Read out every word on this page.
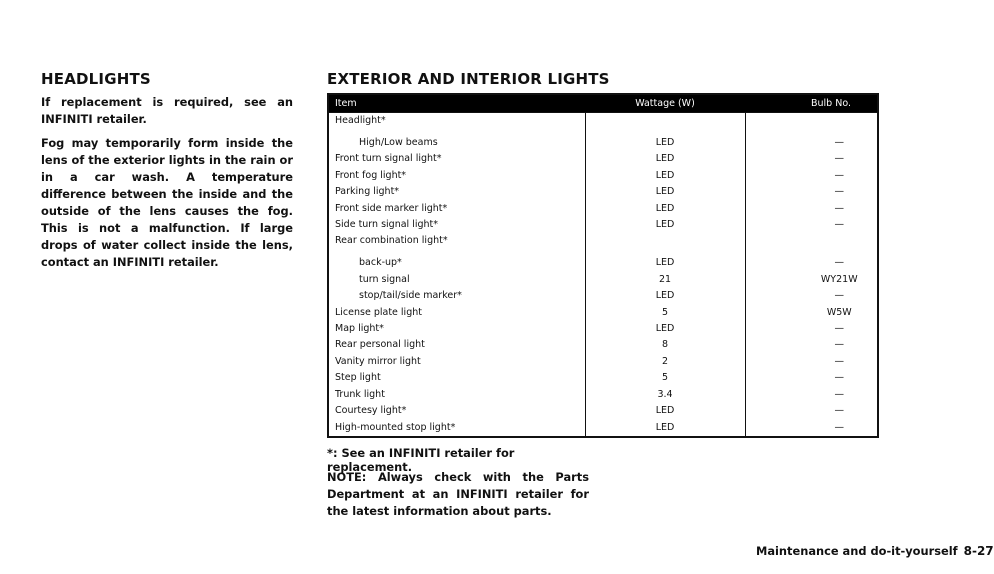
HEADLIGHTS

If replacement is required, see an INFINITI retailer.

Fog may temporarily form inside the lens of the exterior lights in the rain or in a car wash. A temperature difference between the inside and the outside of the lens causes the fog. This is not a malfunction. If large drops of water collect inside the lens, contact an INFINITI retailer.

EXTERIOR AND INTERIOR LIGHTS
Item	Wattage (W)	Bulb No.
Headlight*		
High/Low beams	LED	—
Front turn signal light*	LED	—
Front fog light*	LED	—
Parking light*	LED	—
Front side marker light*	LED	—
Side turn signal light*	LED	—
Rear combination light*		
back-up*	LED	—
turn signal	21	WY21W
stop/tail/side marker*	LED	—
License plate light	5	W5W
Map light*	LED	—
Rear personal light	8	—
Vanity mirror light	2	—
Step light	5	—
Trunk light	3.4	—
Courtesy light*	LED	—
High-mounted stop light*	LED	—

*: See an INFINITI retailer for replacement.

NOTE: Always check with the Parts Department at an INFINITI retailer for the latest information about parts.

Maintenance and do-it-yourself 8-27
